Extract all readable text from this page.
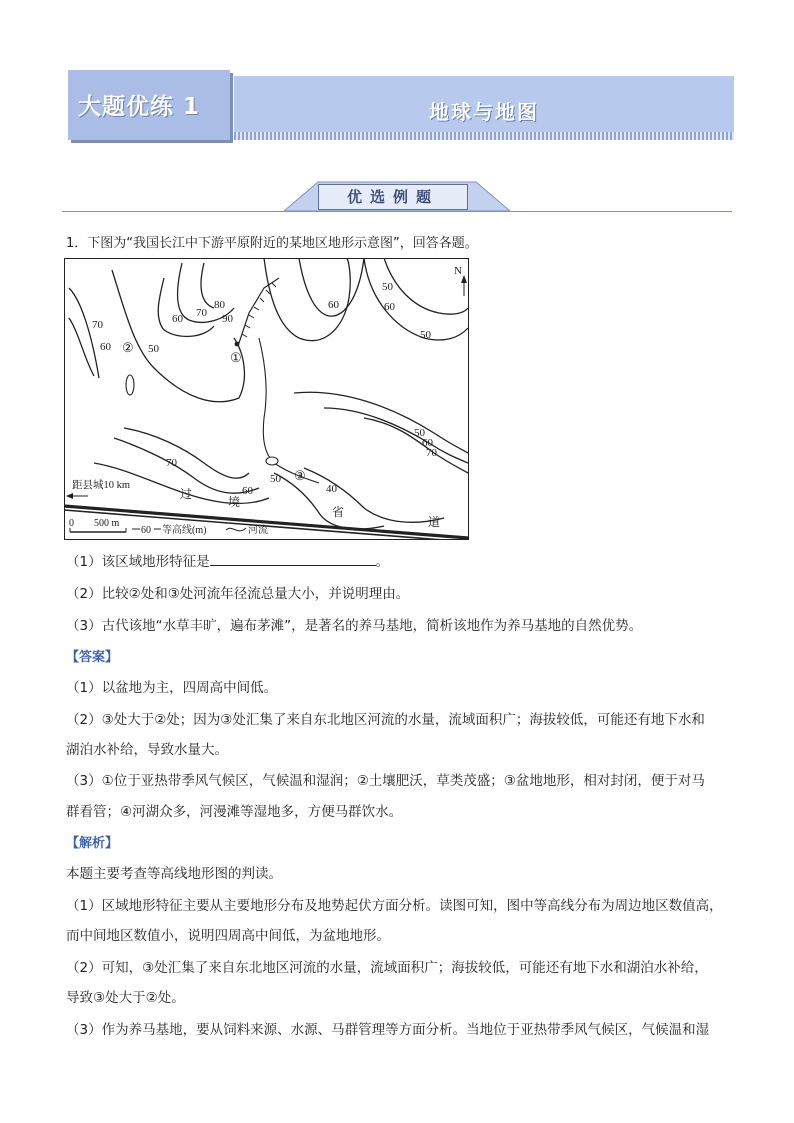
大题优练 1	地球与地图
优选例题
1．下图为“我国长江中下游平原附近的某地区地形示意图”，回答各题。
N
70
60	50
60 70
80
90
60
50
60
50
50
60
70
70
60
50
40
①
②
③
距县城10 km
过
境
省
道
0 500 m
60 等高线(m)	河流
（1）该区域地形特征是	。
（2）比较②处和③处河流年径流总量大小，并说明理由。
（3）古代该地“水草丰旷，遍布茅滩”，是著名的养马基地，简析该地作为养马基地的自然优势。
【答案】
（1）以盆地为主，四周高中间低。
（2）③处大于②处；因为③处汇集了来自东北地区河流的水量，流域面积广；海拔较低，可能还有地下水和
湖泊水补给，导致水量大。
（3）①位于亚热带季风气候区，气候温和湿润；②土壤肥沃，草类茂盛；③盆地地形，相对封闭，便于对马
群看管；④河湖众多，河漫滩等湿地多，方便马群饮水。
【解析】
本题主要考查等高线地形图的判读。
（1）区域地形特征主要从主要地形分布及地势起伏方面分析。读图可知，图中等高线分布为周边地区数值高，
而中间地区数值小，说明四周高中间低，为盆地地形。
（2）可知，③处汇集了来自东北地区河流的水量，流域面积广；海拔较低，可能还有地下水和湖泊水补给，
导致③处大于②处。
（3）作为养马基地，要从饲料来源、水源、马群管理等方面分析。当地位于亚热带季风气候区，气候温和湿
